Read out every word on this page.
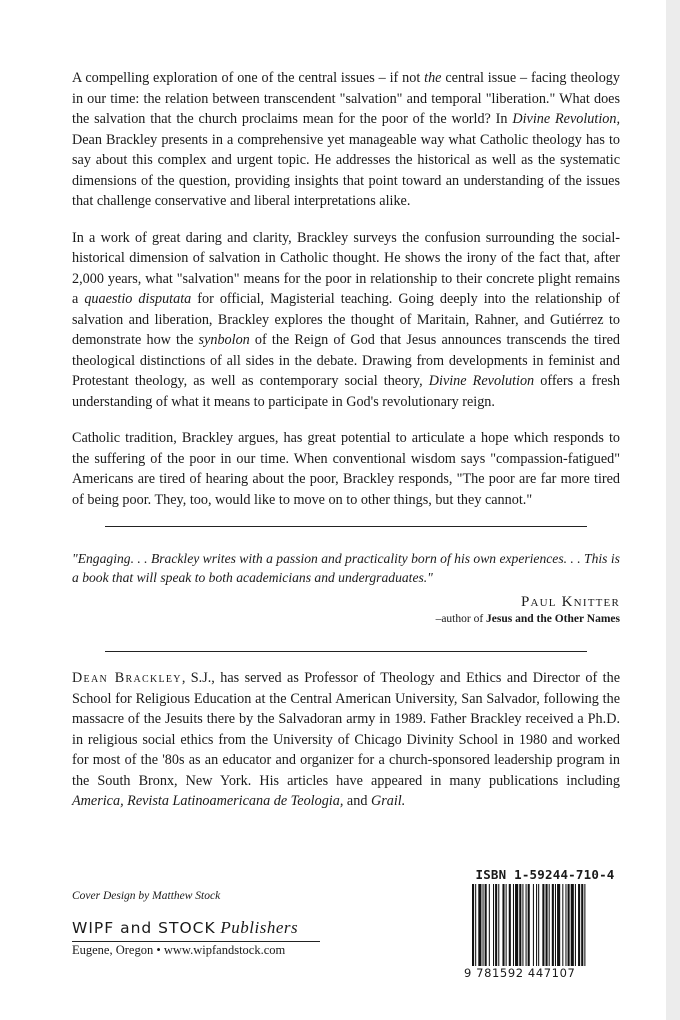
A compelling exploration of one of the central issues – if not the central issue – facing theology in our time: the relation between transcendent "salvation" and temporal "liberation." What does the salvation that the church proclaims mean for the poor of the world? In Divine Revolution, Dean Brackley presents in a comprehensive yet manageable way what Catholic theology has to say about this complex and urgent topic. He addresses the historical as well as the systematic dimensions of the question, providing insights that point toward an understanding of the issues that challenge conservative and liberal interpretations alike.

In a work of great daring and clarity, Brackley surveys the confusion surrounding the social-historical dimension of salvation in Catholic thought. He shows the irony of the fact that, after 2,000 years, what "salvation" means for the poor in relationship to their concrete plight remains a quaestio disputata for official, Magisterial teaching. Going deeply into the relationship of salvation and liberation, Brackley explores the thought of Maritain, Rahner, and Gutiérrez to demonstrate how the synbolon of the Reign of God that Jesus announces transcends the tired theological distinctions of all sides in the debate. Drawing from developments in feminist and Protestant theology, as well as contemporary social theory, Divine Revolution offers a fresh understanding of what it means to participate in God's revolutionary reign.

Catholic tradition, Brackley argues, has great potential to articulate a hope which responds to the suffering of the poor in our time. When conventional wisdom says "compassion-fatigued" Americans are tired of hearing about the poor, Brackley responds, "The poor are far more tired of being poor. They, too, would like to move on to other things, but they cannot."

"Engaging. . . Brackley writes with a passion and practicality born of his own experiences. . . This is a book that will speak to both academicians and undergraduates."

Paul Knitter
–author of Jesus and the Other Names

Dean Brackley, S.J., has served as Professor of Theology and Ethics and Director of the School for Religious Education at the Central American University, San Salvador, following the massacre of the Jesuits there by the Salvadoran army in 1989. Father Brackley received a Ph.D. in religious social ethics from the University of Chicago Divinity School in 1980 and worked for most of the '80s as an educator and organizer for a church-sponsored leadership program in the South Bronx, New York. His articles have appeared in many publications including America, Revista Latinoamericana de Teologia, and Grail.

Cover Design by Matthew Stock
WIPF and STOCK Publishers
Eugene, Oregon • www.wipfandstock.com
ISBN 1-59244-710-4
9 781592 447107
